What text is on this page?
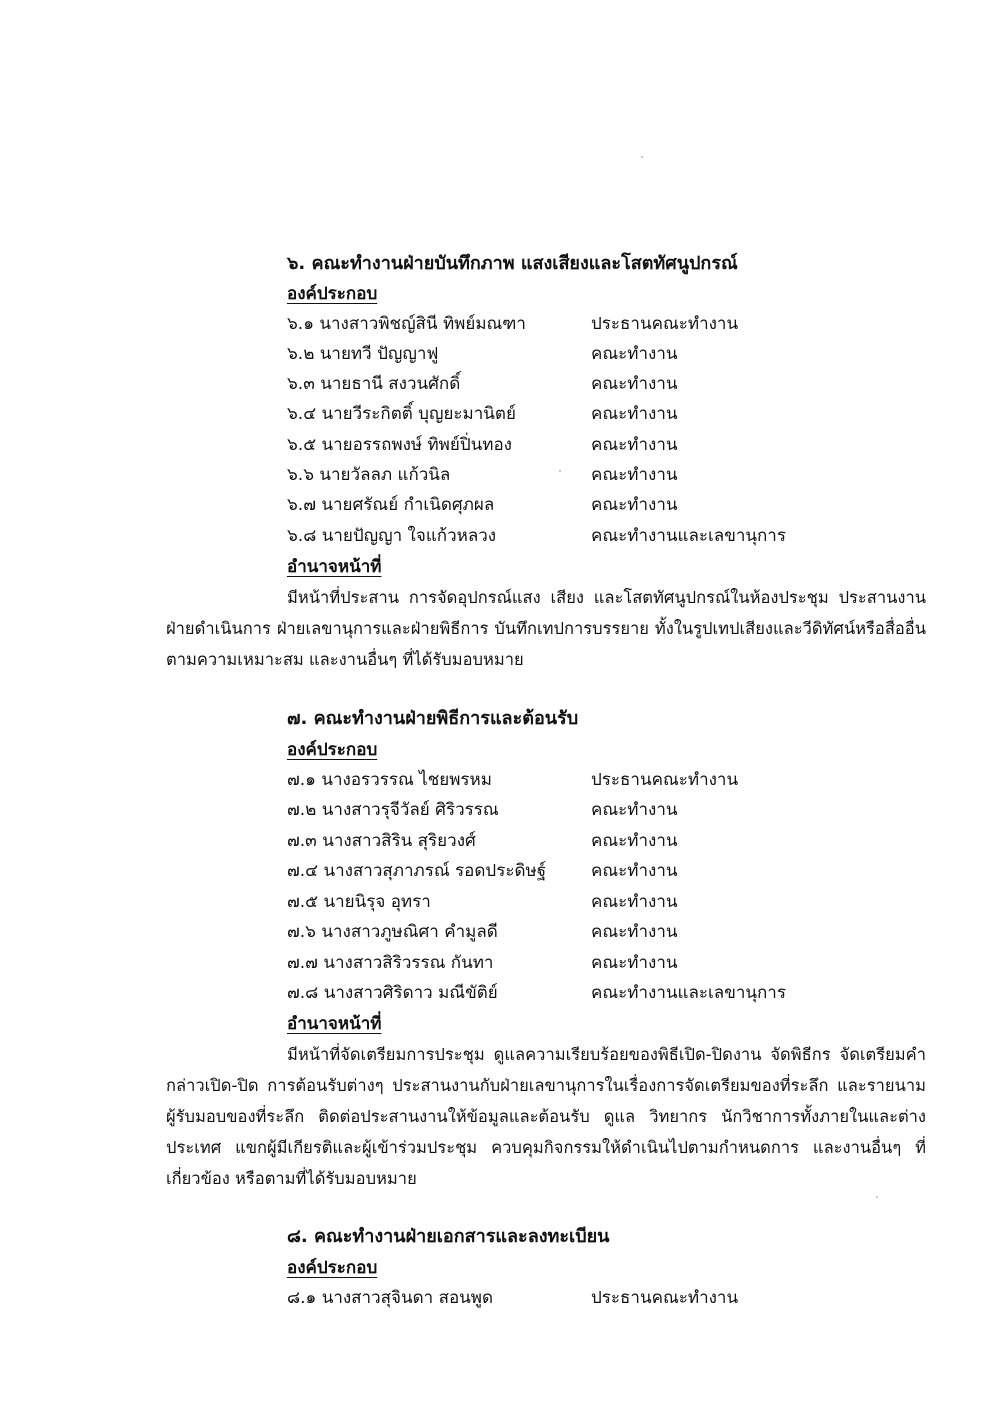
๖. คณะทำงานฝ่ายบันทึกภาพ แสงเสียงและโสตทัศนูปกรณ์
องค์ประกอบ
๖.๑ นางสาวพิชญ์สินี ทิพย์มณฑา	ประธานคณะทำงาน
๖.๒ นายทวี ปัญญาฟู	คณะทำงาน
๖.๓ นายธานี สงวนศักดิ์	คณะทำงาน
๖.๔ นายวีระกิตติ์ บุญยะมานิตย์	คณะทำงาน
๖.๕ นายอรรถพงษ์ ทิพย์ปิ่นทอง	คณะทำงาน
๖.๖ นายวัลลภ แก้วนิล	คณะทำงาน
๖.๗ นายศรัณย์ กำเนิดศุภผล	คณะทำงาน
๖.๘ นายปัญญา ใจแก้วหลวง	คณะทำงานและเลขานุการ
อำนาจหน้าที่
มีหน้าที่ประสาน การจัดอุปกรณ์แสง เสียง และโสตทัศนูปกรณ์ในห้องประชุม ประสานงานฝ่ายดำเนินการ ฝ่ายเลขานุการและฝ่ายพิธีการ บันทึกเทปการบรรยาย ทั้งในรูปเทปเสียงและวีดิทัศน์หรือสื่ออื่นตามความเหมาะสม และงานอื่นๆ ที่ได้รับมอบหมาย
๗. คณะทำงานฝ่ายพิธีการและต้อนรับ
องค์ประกอบ
๗.๑ นางอรวรรณ ไชยพรหม	ประธานคณะทำงาน
๗.๒ นางสาวรุจีวัลย์ ศิริวรรณ	คณะทำงาน
๗.๓ นางสาวสิริน สุริยวงศ์	คณะทำงาน
๗.๔ นางสาวสุภาภรณ์ รอดประดิษฐ์	คณะทำงาน
๗.๕ นายนิรุจ อุทรา	คณะทำงาน
๗.๖ นางสาวภูษณิศา คำมูลดี	คณะทำงาน
๗.๗ นางสาวสิริวรรณ กันทา	คณะทำงาน
๗.๘ นางสาวศิริดาว มณีขัติย์	คณะทำงานและเลขานุการ
อำนาจหน้าที่
มีหน้าที่จัดเตรียมการประชุม ดูแลความเรียบร้อยของพิธีเปิด-ปิดงาน จัดพิธีกร จัดเตรียมคำกล่าวเปิด-ปิด การต้อนรับต่างๆ ประสานงานกับฝ่ายเลขานุการในเรื่องการจัดเตรียมของที่ระลึก และรายนามผู้รับมอบของที่ระลึก ติดต่อประสานงานให้ข้อมูลและต้อนรับ ดูแล วิทยากร นักวิชาการทั้งภายในและต่างประเทศ แขกผู้มีเกียรติและผู้เข้าร่วมประชุม ควบคุมกิจกรรมให้ดำเนินไปตามกำหนดการ และงานอื่นๆ ที่เกี่ยวข้อง หรือตามที่ได้รับมอบหมาย
๘. คณะทำงานฝ่ายเอกสารและลงทะเบียน
องค์ประกอบ
๘.๑ นางสาวสุจินดา สอนพูด	ประธานคณะทำงาน
